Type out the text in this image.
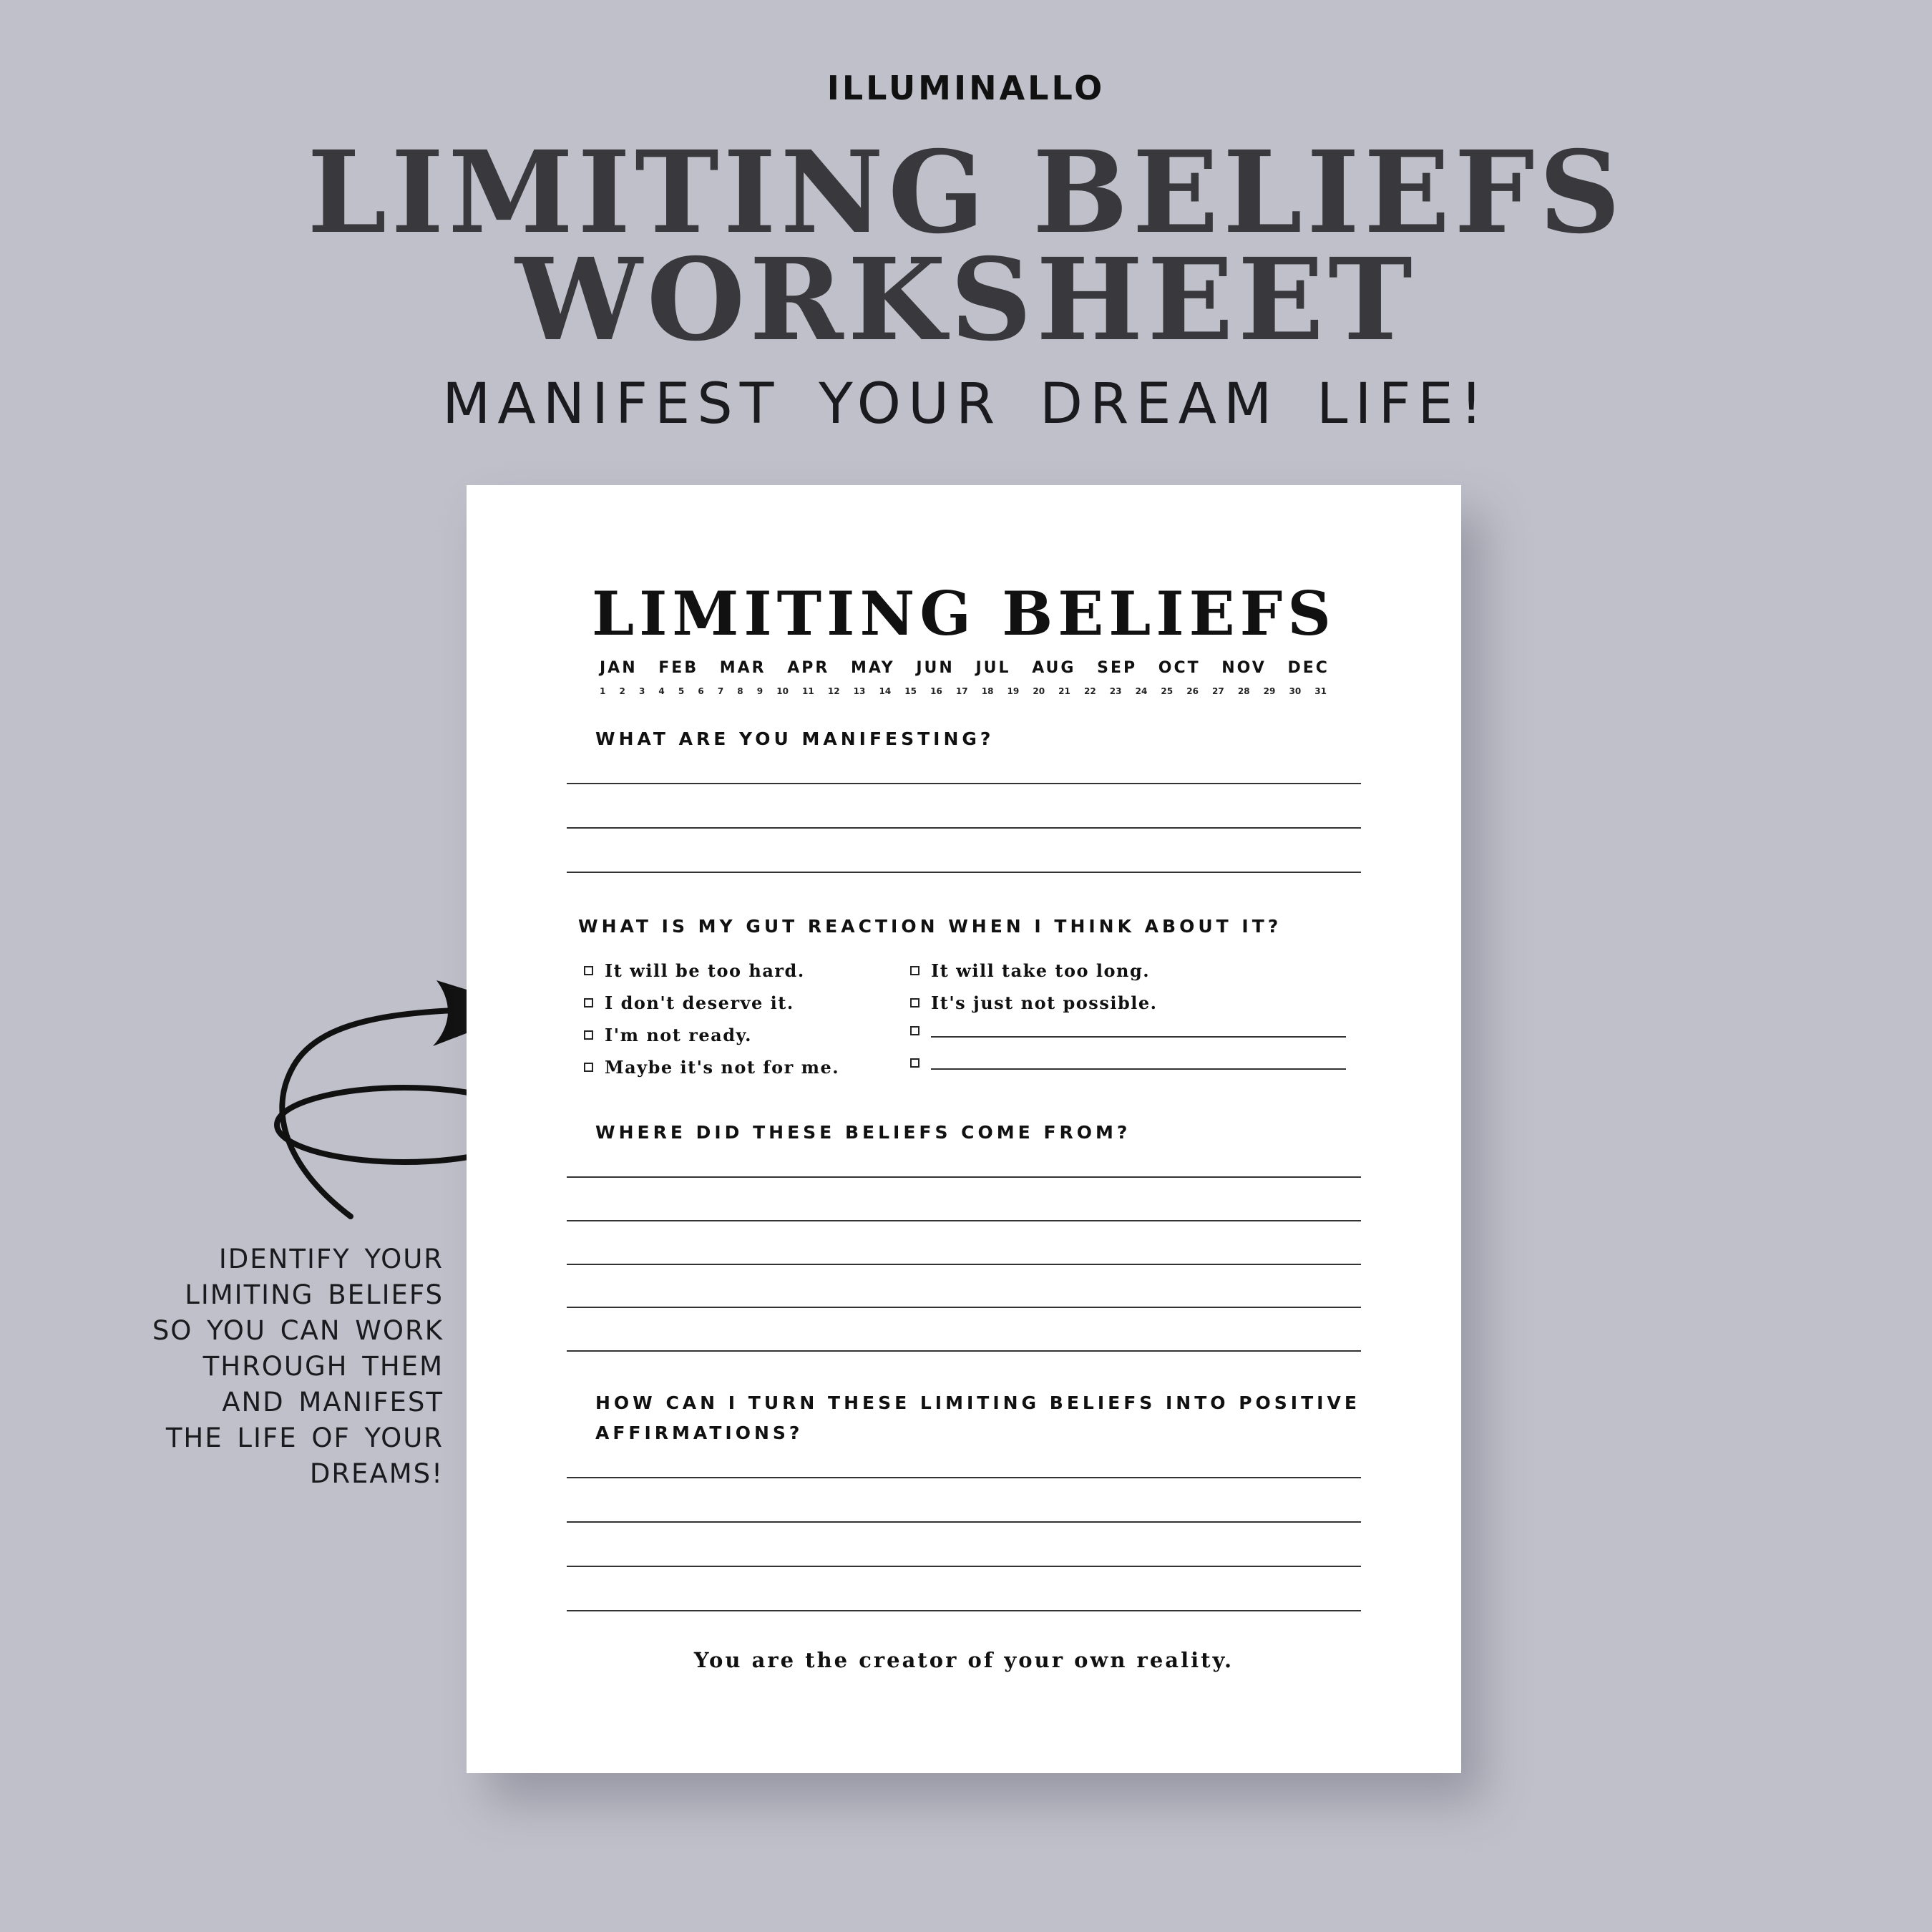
ILLUMINALLO
LIMITING BELIEFS
WORKSHEET
MANIFEST YOUR DREAM LIFE!
IDENTIFY YOUR
LIMITING BELIEFS
SO YOU CAN WORK
THROUGH THEM
AND MANIFEST
THE LIFE OF YOUR
DREAMS!
LIMITING BELIEFS
JAN FEB MAR APR MAY JUN JUL AUG SEP OCT NOV DEC
1 2 3 4 5 6 7 8 9 10 11 12 13 14 15 16 17 18 19 20 21 22 23 24 25 26 27 28 29 30 31
WHAT ARE YOU MANIFESTING?
WHAT IS MY GUT REACTION WHEN I THINK ABOUT IT?
It will be too hard.
I don't deserve it.
I'm not ready.
Maybe it's not for me.
It will take too long.
It's just not possible.
WHERE DID THESE BELIEFS COME FROM?
HOW CAN I TURN THESE LIMITING BELIEFS INTO POSITIVE
AFFIRMATIONS?
You are the creator of your own reality.
